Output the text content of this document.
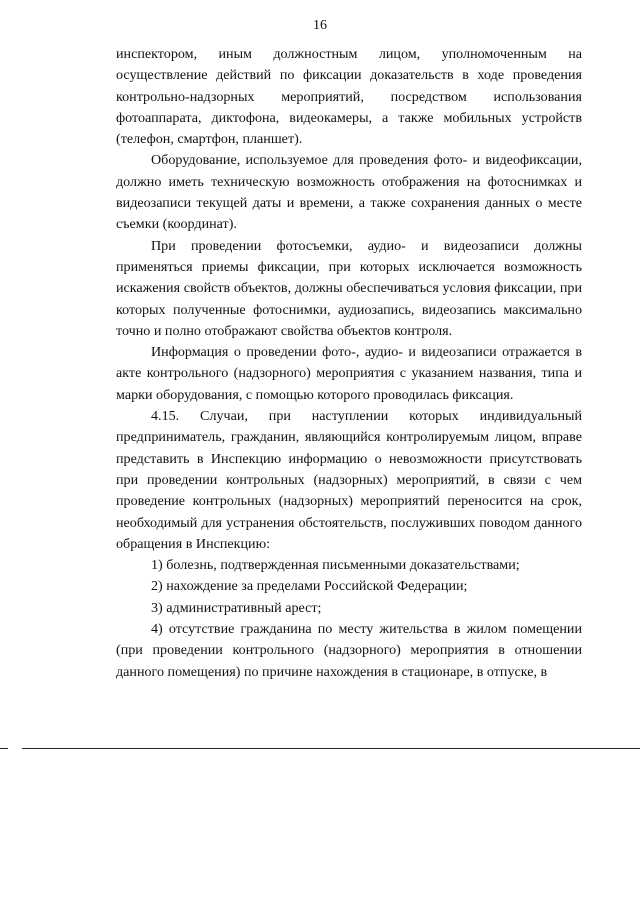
16

инспектором, иным должностным лицом, уполномоченным на осуществление действий по фиксации доказательств в ходе проведения контрольно-надзорных мероприятий, посредством использования фотоаппарата, диктофона, видеокамеры, а также мобильных устройств (телефон, смартфон, планшет).

Оборудование, используемое для проведения фото- и видеофиксации, должно иметь техническую возможность отображения на фотоснимках и видеозаписи текущей даты и времени, а также сохранения данных о месте съемки (координат).

При проведении фотосъемки, аудио- и видеозаписи должны применяться приемы фиксации, при которых исключается возможность искажения свойств объектов, должны обеспечиваться условия фиксации, при которых полученные фотоснимки, аудиозапись, видеозапись максимально точно и полно отображают свойства объектов контроля.

Информация о проведении фото-, аудио- и видеозаписи отражается в акте контрольного (надзорного) мероприятия с указанием названия, типа и марки оборудования, с помощью которого проводилась фиксация.

4.15. Случаи, при наступлении которых индивидуальный предприниматель, гражданин, являющийся контролируемым лицом, вправе представить в Инспекцию информацию о невозможности присутствовать при проведении контрольных (надзорных) мероприятий, в связи с чем проведение контрольных (надзорных) мероприятий переносится на срок, необходимый для устранения обстоятельств, послуживших поводом данного обращения в Инспекцию:

1) болезнь, подтвержденная письменными доказательствами;

2) нахождение за пределами Российской Федерации;

3) административный арест;

4) отсутствие гражданина по месту жительства в жилом помещении (при проведении контрольного (надзорного) мероприятия в отношении данного помещения) по причине нахождения в стационаре, в отпуске, в
